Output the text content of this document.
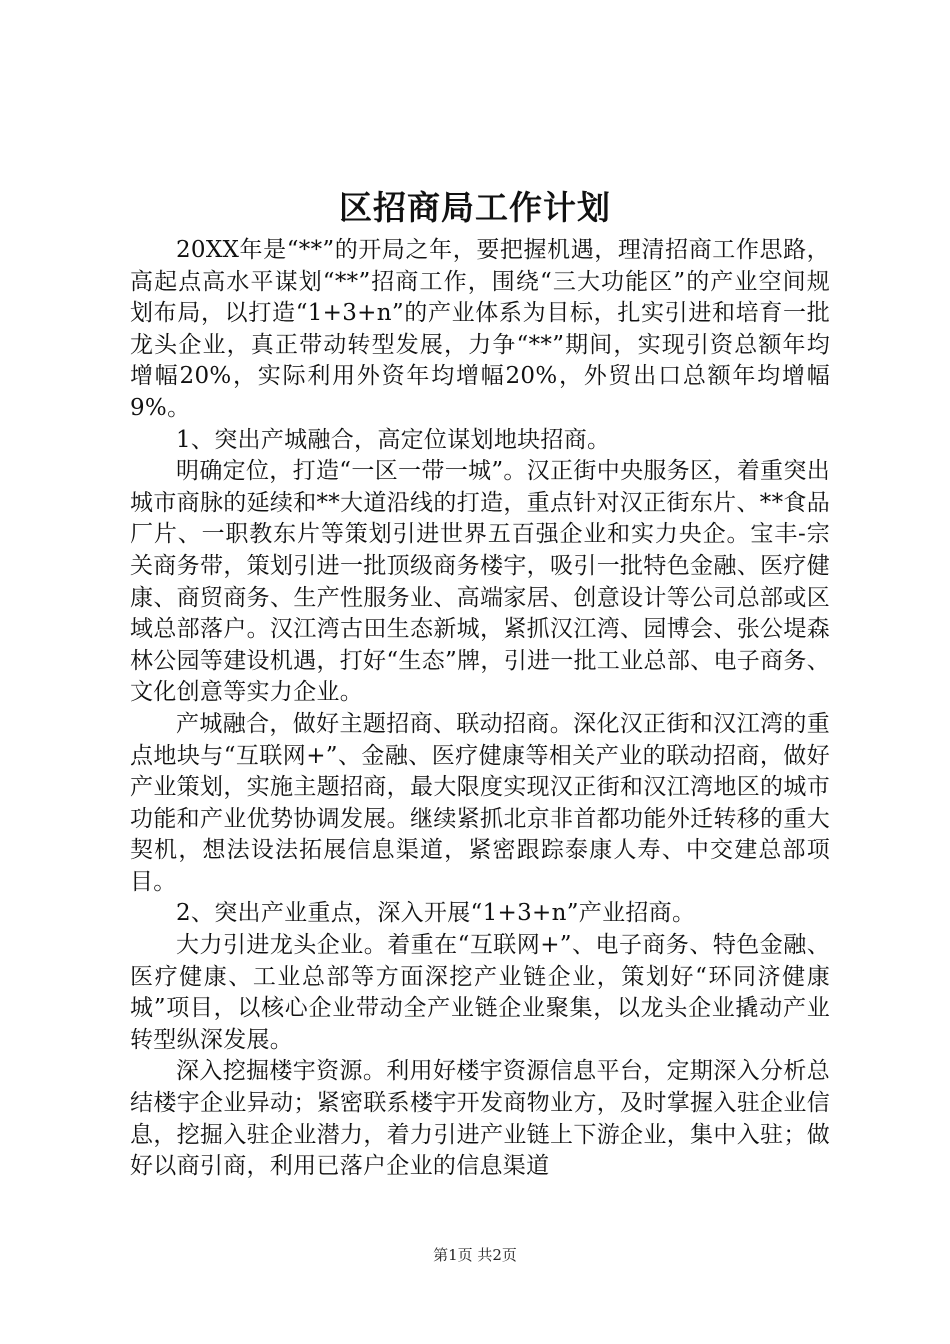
区招商局工作计划

20XX年是“**”的开局之年，要把握机遇，理清招商工作思路，高起点高水平谋划“**”招商工作，围绕“三大功能区”的产业空间规划布局，以打造“1+3+n”的产业体系为目标，扎实引进和培育一批龙头企业，真正带动转型发展，力争“**”期间，实现引资总额年均增幅20%，实际利用外资年均增幅20%，外贸出口总额年均增幅9%。

1、突出产城融合，高定位谋划地块招商。

明确定位，打造“一区一带一城”。汉正街中央服务区，着重突出城市商脉的延续和**大道沿线的打造，重点针对汉正街东片、**食品厂片、一职教东片等策划引进世界五百强企业和实力央企。宝丰-宗关商务带，策划引进一批顶级商务楼宇，吸引一批特色金融、医疗健康、商贸商务、生产性服务业、高端家居、创意设计等公司总部或区域总部落户。汉江湾古田生态新城，紧抓汉江湾、园博会、张公堤森林公园等建设机遇，打好“生态”牌，引进一批工业总部、电子商务、文化创意等实力企业。

产城融合，做好主题招商、联动招商。深化汉正街和汉江湾的重点地块与“互联网+”、金融、医疗健康等相关产业的联动招商，做好产业策划，实施主题招商，最大限度实现汉正街和汉江湾地区的城市功能和产业优势协调发展。继续紧抓北京非首都功能外迁转移的重大契机，想法设法拓展信息渠道，紧密跟踪泰康人寿、中交建总部项目。

2、突出产业重点，深入开展“1+3+n”产业招商。

大力引进龙头企业。着重在“互联网+”、电子商务、特色金融、医疗健康、工业总部等方面深挖产业链企业，策划好“环同济健康城”项目，以核心企业带动全产业链企业聚集，以龙头企业撬动产业转型纵深发展。

深入挖掘楼宇资源。利用好楼宇资源信息平台，定期深入分析总结楼宇企业异动；紧密联系楼宇开发商物业方，及时掌握入驻企业信息，挖掘入驻企业潜力，着力引进产业链上下游企业，集中入驻；做好以商引商，利用已落户企业的信息渠道

第1页 共2页
